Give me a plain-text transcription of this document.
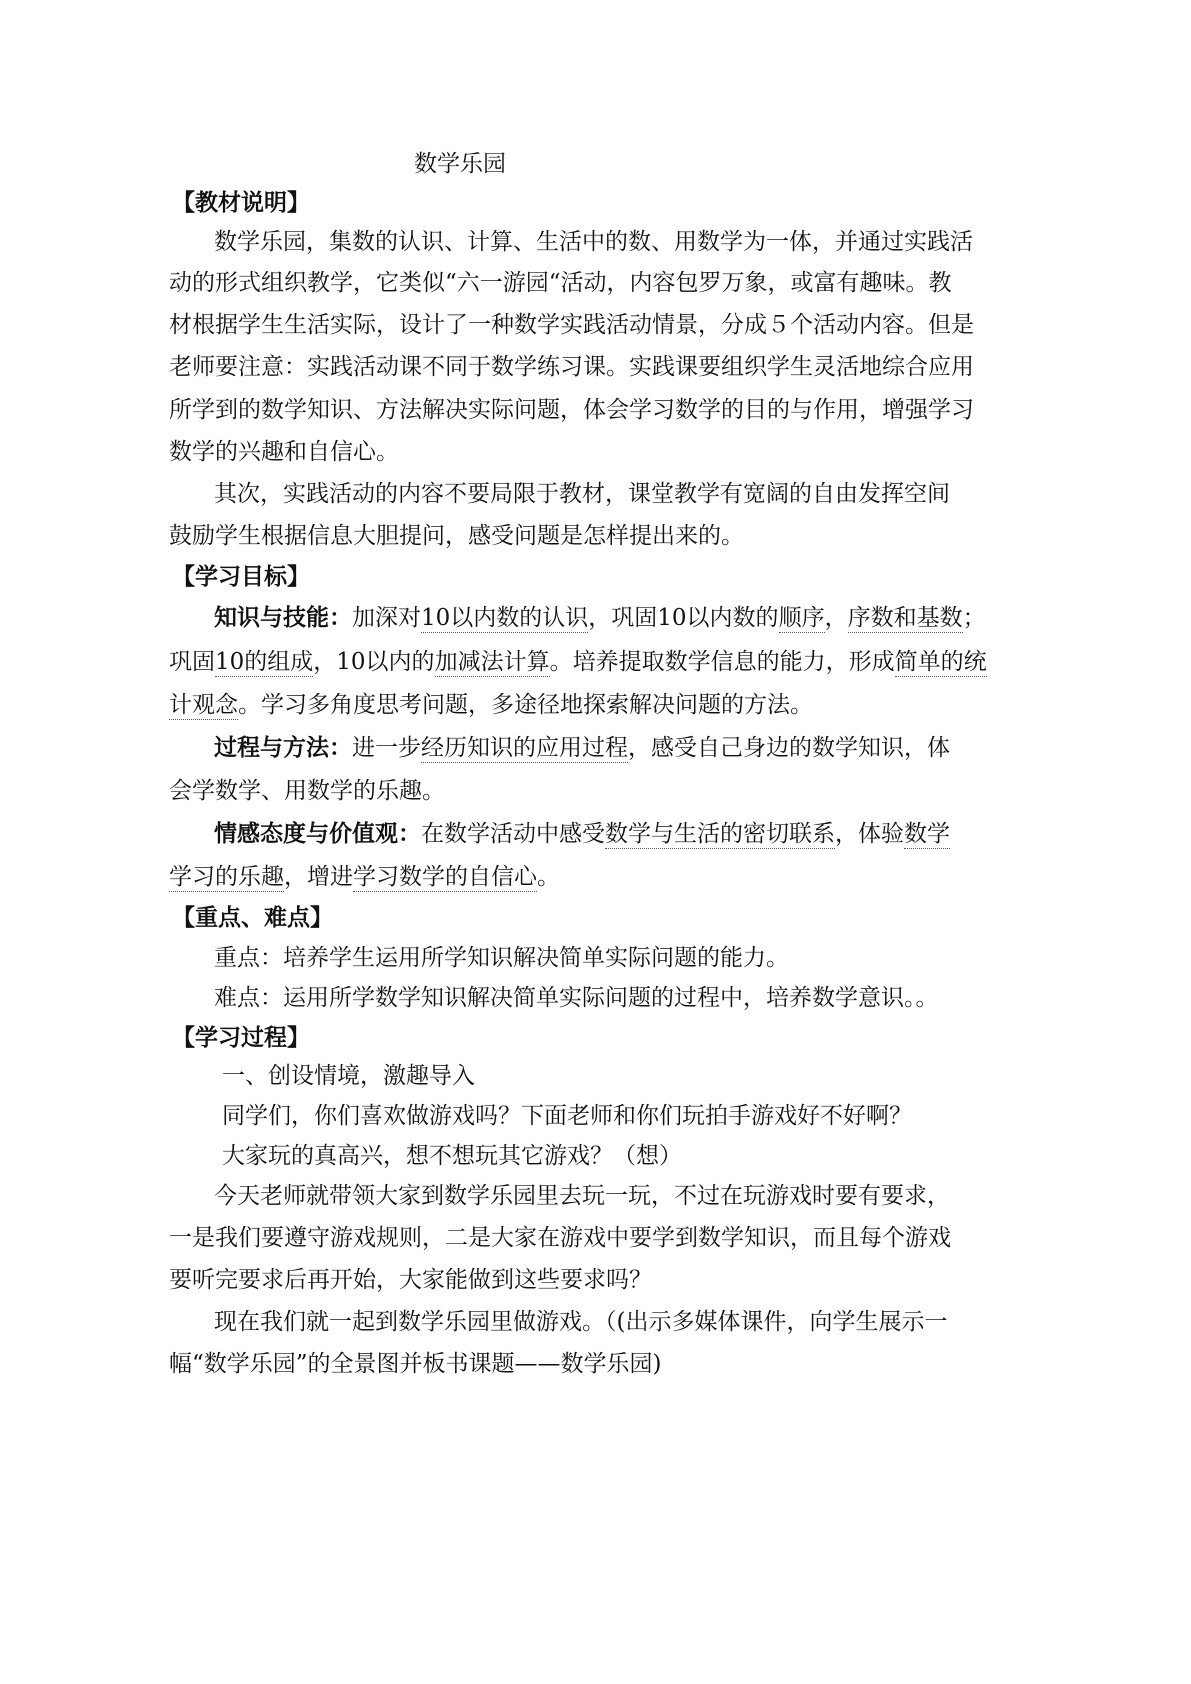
数学乐园
【教材说明】
数学乐园，集数的认识、计算、生活中的数、用数学为一体，并通过实践活
动的形式组织教学，它类似“六一游园“活动，内容包罗万象，或富有趣味。教
材根据学生生活实际，设计了一种数学实践活动情景，分成５个活动内容。但是
老师要注意：实践活动课不同于数学练习课。实践课要组织学生灵活地综合应用
所学到的数学知识、方法解决实际问题，体会学习数学的目的与作用，增强学习
数学的兴趣和自信心。
其次，实践活动的内容不要局限于教材，课堂教学有宽阔的自由发挥空间
鼓励学生根据信息大胆提问，感受问题是怎样提出来的。
【学习目标】
知识与技能：加深对10以内数的认识，巩固10以内数的顺序，序数和基数；
巩固10的组成，10以内的加减法计算。培养提取数学信息的能力，形成简单的统
计观念。学习多角度思考问题，多途径地探索解决问题的方法。
过程与方法：进一步经历知识的应用过程，感受自己身边的数学知识，体
会学数学、用数学的乐趣。
情感态度与价值观：在数学活动中感受数学与生活的密切联系，体验数学
学习的乐趣，增进学习数学的自信心。
【重点、难点】
重点：培养学生运用所学知识解决简单实际问题的能力。
难点：运用所学数学知识解决简单实际问题的过程中，培养数学意识。。
【学习过程】
一、创设情境，激趣导入
同学们，你们喜欢做游戏吗？下面老师和你们玩拍手游戏好不好啊？
大家玩的真高兴，想不想玩其它游戏？（想）
今天老师就带领大家到数学乐园里去玩一玩，不过在玩游戏时要有要求，
一是我们要遵守游戏规则，二是大家在游戏中要学到数学知识，而且每个游戏
要听完要求后再开始，大家能做到这些要求吗？
现在我们就一起到数学乐园里做游戏。（(出示多媒体课件，向学生展示一
幅“数学乐园”的全景图并板书课题——数学乐园)
